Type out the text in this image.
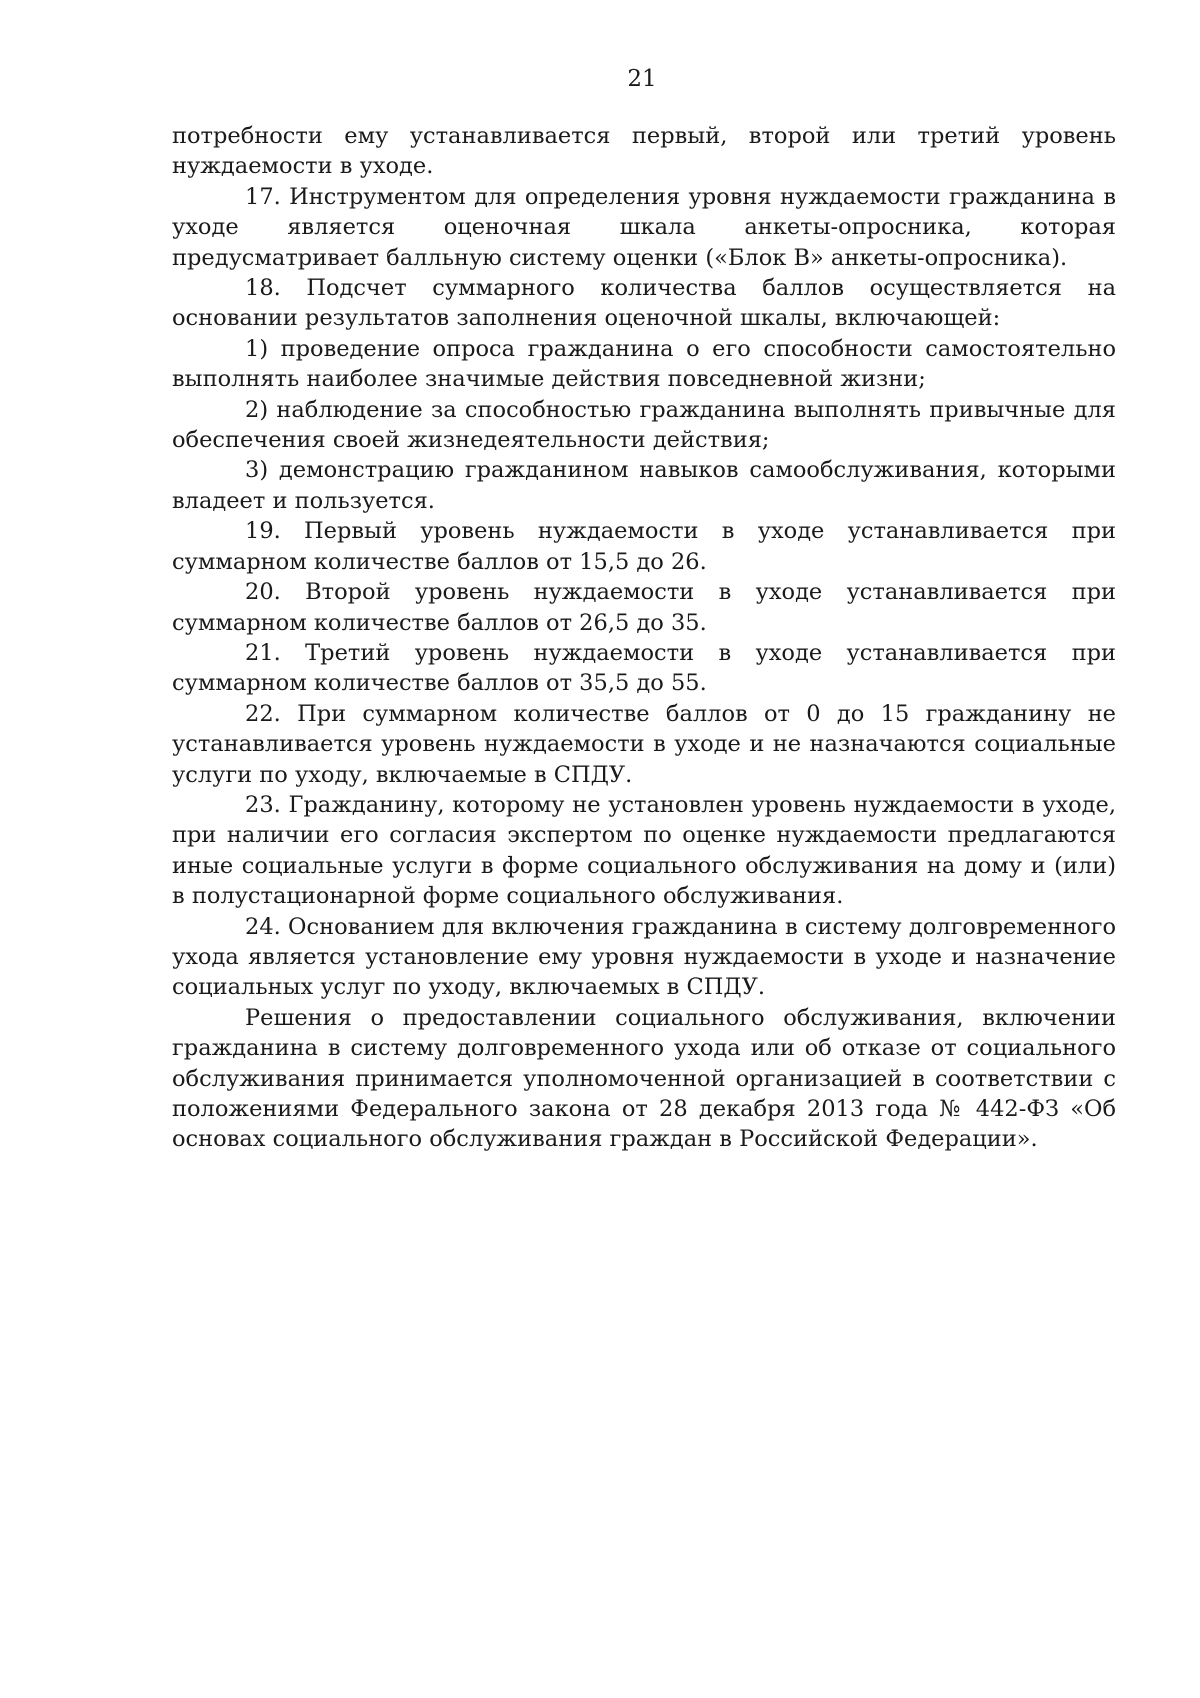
21

потребности ему устанавливается первый, второй или третий уровень нуждаемости в уходе.

17. Инструментом для определения уровня нуждаемости гражданина в уходе является оценочная шкала анкеты-опросника, которая предусматривает балльную систему оценки («Блок В» анкеты-опросника).

18. Подсчет суммарного количества баллов осуществляется на основании результатов заполнения оценочной шкалы, включающей:

1) проведение опроса гражданина о его способности самостоятельно выполнять наиболее значимые действия повседневной жизни;

2) наблюдение за способностью гражданина выполнять привычные для обеспечения своей жизнедеятельности действия;

3) демонстрацию гражданином навыков самообслуживания, которыми владеет и пользуется.

19. Первый уровень нуждаемости в уходе устанавливается при суммарном количестве баллов от 15,5 до 26.

20. Второй уровень нуждаемости в уходе устанавливается при суммарном количестве баллов от 26,5 до 35.

21. Третий уровень нуждаемости в уходе устанавливается при суммарном количестве баллов от 35,5 до 55.

22. При суммарном количестве баллов от 0 до 15 гражданину не устанавливается уровень нуждаемости в уходе и не назначаются социальные услуги по уходу, включаемые в СПДУ.

23. Гражданину, которому не установлен уровень нуждаемости в уходе, при наличии его согласия экспертом по оценке нуждаемости предлагаются иные социальные услуги в форме социального обслуживания на дому и (или) в полустационарной форме социального обслуживания.

24. Основанием для включения гражданина в систему долговременного ухода является установление ему уровня нуждаемости в уходе и назначение социальных услуг по уходу, включаемых в СПДУ.

Решения о предоставлении социального обслуживания, включении гражданина в систему долговременного ухода или об отказе от социального обслуживания принимается уполномоченной организацией в соответствии с положениями Федерального закона от 28 декабря 2013 года № 442-ФЗ «Об основах социального обслуживания граждан в Российской Федерации».
